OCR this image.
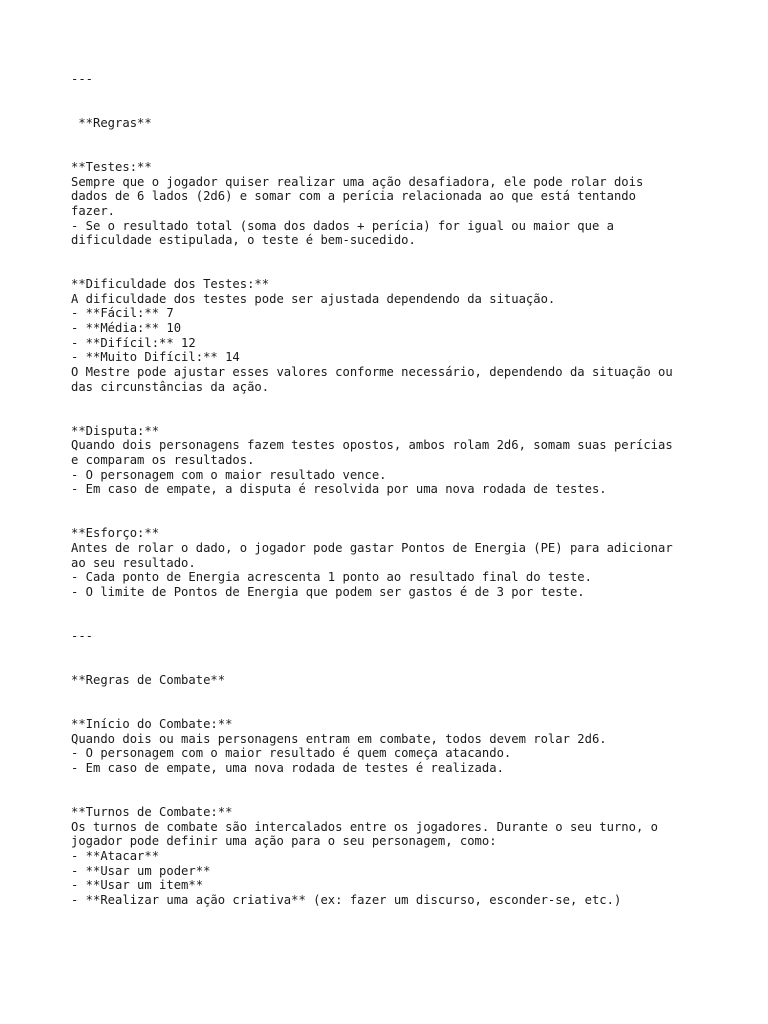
---
**Regras**
**Testes:**
Sempre que o jogador quiser realizar uma ação desafiadora, ele pode rolar dois
dados de 6 lados (2d6) e somar com a perícia relacionada ao que está tentando
fazer.
- Se o resultado total (soma dos dados + perícia) for igual ou maior que a
dificuldade estipulada, o teste é bem-sucedido.
**Dificuldade dos Testes:**
A dificuldade dos testes pode ser ajustada dependendo da situação.
- **Fácil:** 7
- **Média:** 10
- **Difícil:** 12
- **Muito Difícil:** 14
O Mestre pode ajustar esses valores conforme necessário, dependendo da situação ou
das circunstâncias da ação.
**Disputa:**
Quando dois personagens fazem testes opostos, ambos rolam 2d6, somam suas perícias
e comparam os resultados.
- O personagem com o maior resultado vence.
- Em caso de empate, a disputa é resolvida por uma nova rodada de testes.
**Esforço:**
Antes de rolar o dado, o jogador pode gastar Pontos de Energia (PE) para adicionar
ao seu resultado.
- Cada ponto de Energia acrescenta 1 ponto ao resultado final do teste.
- O limite de Pontos de Energia que podem ser gastos é de 3 por teste.
---
**Regras de Combate**
**Início do Combate:**
Quando dois ou mais personagens entram em combate, todos devem rolar 2d6.
- O personagem com o maior resultado é quem começa atacando.
- Em caso de empate, uma nova rodada de testes é realizada.
**Turnos de Combate:**
Os turnos de combate são intercalados entre os jogadores. Durante o seu turno, o
jogador pode definir uma ação para o seu personagem, como:
- **Atacar**
- **Usar um poder**
- **Usar um item**
- **Realizar uma ação criativa** (ex: fazer um discurso, esconder-se, etc.)
